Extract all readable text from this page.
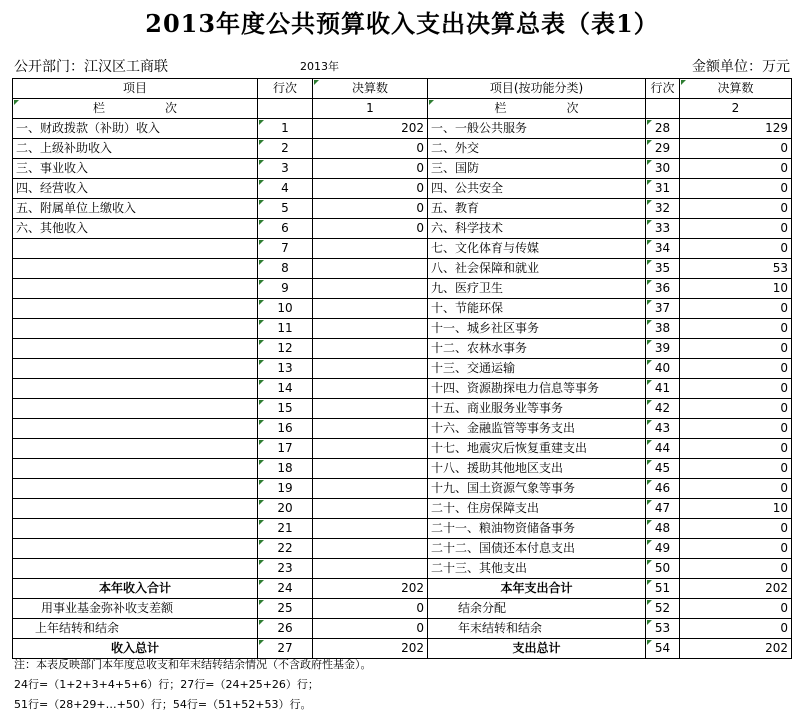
2013年度公共预算收入支出决算总表（表1）
公开部门：江汉区工商联	2013年	金额单位：万元
项目	行次	决算数	项目(按功能分类)	行次	决算数
栏 次		1	栏 次		2
一、财政拨款（补助）收入	1	202	一、一般公共服务	28	129
二、上级补助收入	2	0	二、外交	29	0
三、事业收入	3	0	三、国防	30	0
四、经营收入	4	0	四、公共安全	31	0
五、附属单位上缴收入	5	0	五、教育	32	0
六、其他收入	6	0	六、科学技术	33	0
	7		七、文化体育与传媒	34	0
	8		八、社会保障和就业	35	53
	9		九、医疗卫生	36	10
	10		十、节能环保	37	0
	11		十一、城乡社区事务	38	0
	12		十二、农林水事务	39	0
	13		十三、交通运输	40	0
	14		十四、资源勘探电力信息等事务	41	0
	15		十五、商业服务业等事务	42	0
	16		十六、金融监管等事务支出	43	0
	17		十七、地震灾后恢复重建支出	44	0
	18		十八、援助其他地区支出	45	0
	19		十九、国土资源气象等事务	46	0
	20		二十、住房保障支出	47	10
	21		二十一、粮油物资储备事务	48	0
	22		二十二、国债还本付息支出	49	0
	23		二十三、其他支出	50	0
本年收入合计	24	202	本年支出合计	51	202
用事业基金弥补收支差额	25	0	结余分配	52	0
上年结转和结余	26	0	年末结转和结余	53	0
收入总计	27	202	支出总计	54	202
注：本表反映部门本年度总收支和年末结转结余情况（不含政府性基金）。
24行=（1+2+3+4+5+6）行；27行=（24+25+26）行；
51行=（28+29+…+50）行；54行=（51+52+53）行。
